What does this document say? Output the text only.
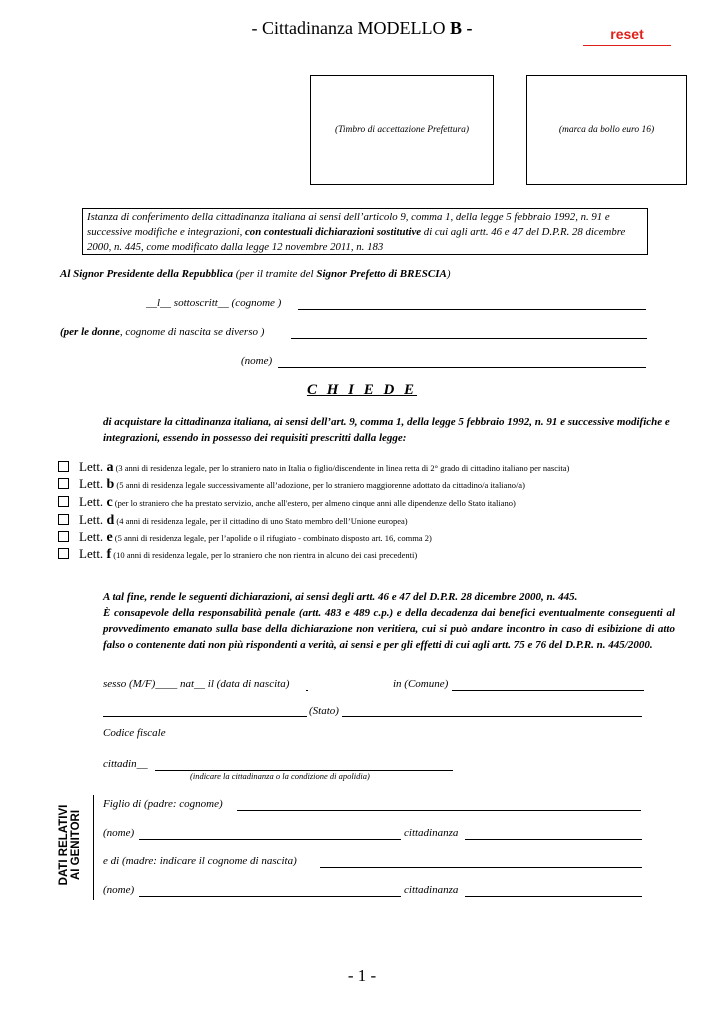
- Cittadinanza MODELLO B -	reset
(Timbro di accettazione Prefettura)	(marca da bollo euro 16)
Istanza di conferimento della cittadinanza italiana ai sensi dell’articolo 9, comma 1, della legge 5 febbraio 1992, n. 91 e successive modifiche e integrazioni, con contestuali dichiarazioni sostitutive di cui agli artt. 46 e 47 del D.P.R. 28 dicembre 2000, n. 445, come modificato dalla legge 12 novembre 2011, n. 183
Al Signor Presidente della Repubblica (per il tramite del Signor Prefetto di BRESCIA)
__l__ sottoscritt__ (cognome )
(per le donne, cognome di nascita se diverso )
(nome)
C H I E D E
di acquistare la cittadinanza italiana, ai sensi dell’art. 9, comma 1, della legge 5 febbraio 1992, n. 91 e successive modifiche e integrazioni, essendo in possesso dei requisiti prescritti dalla legge:
Lett. a (3 anni di residenza legale, per lo straniero nato in Italia o figlio/discendente in linea retta di 2° grado di cittadino italiano per nascita)
Lett. b (5 anni di residenza legale successivamente all’adozione, per lo straniero maggiorenne adottato da cittadino/a italiano/a)
Lett. c (per lo straniero che ha prestato servizio, anche all'estero, per almeno cinque anni alle dipendenze dello Stato italiano)
Lett. d (4 anni di residenza legale, per il cittadino di uno Stato membro dell’Unione europea)
Lett. e (5 anni di residenza legale, per l’apolide o il rifugiato - combinato disposto art. 16, comma 2)
Lett. f (10 anni di residenza legale, per lo straniero che non rientra in alcuno dei casi precedenti)
A tal fine, rende le seguenti dichiarazioni, ai sensi degli artt. 46 e 47 del D.P.R. 28 dicembre 2000, n. 445.
È consapevole della responsabilità penale (artt. 483 e 489 c.p.) e della decadenza dai benefici eventualmente conseguenti al provvedimento emanato sulla base della dichiarazione non veritiera, cui si può andare incontro in caso di esibizione di atto falso o contenente dati non più rispondenti a verità, ai sensi e per gli effetti di cui agli artt. 75 e 76 del D.P.R. n. 445/2000.
sesso (M/F)____ nat__ il (data di nascita)	in (Comune)
(Stato)
Codice fiscale
cittadin__
(indicare la cittadinanza o la condizione di apolidia)
DATI RELATIVI AI GENITORI
Figlio di (padre: cognome)
(nome)	cittadinanza
e di (madre: indicare il cognome di nascita)
(nome)	cittadinanza
- 1 -
